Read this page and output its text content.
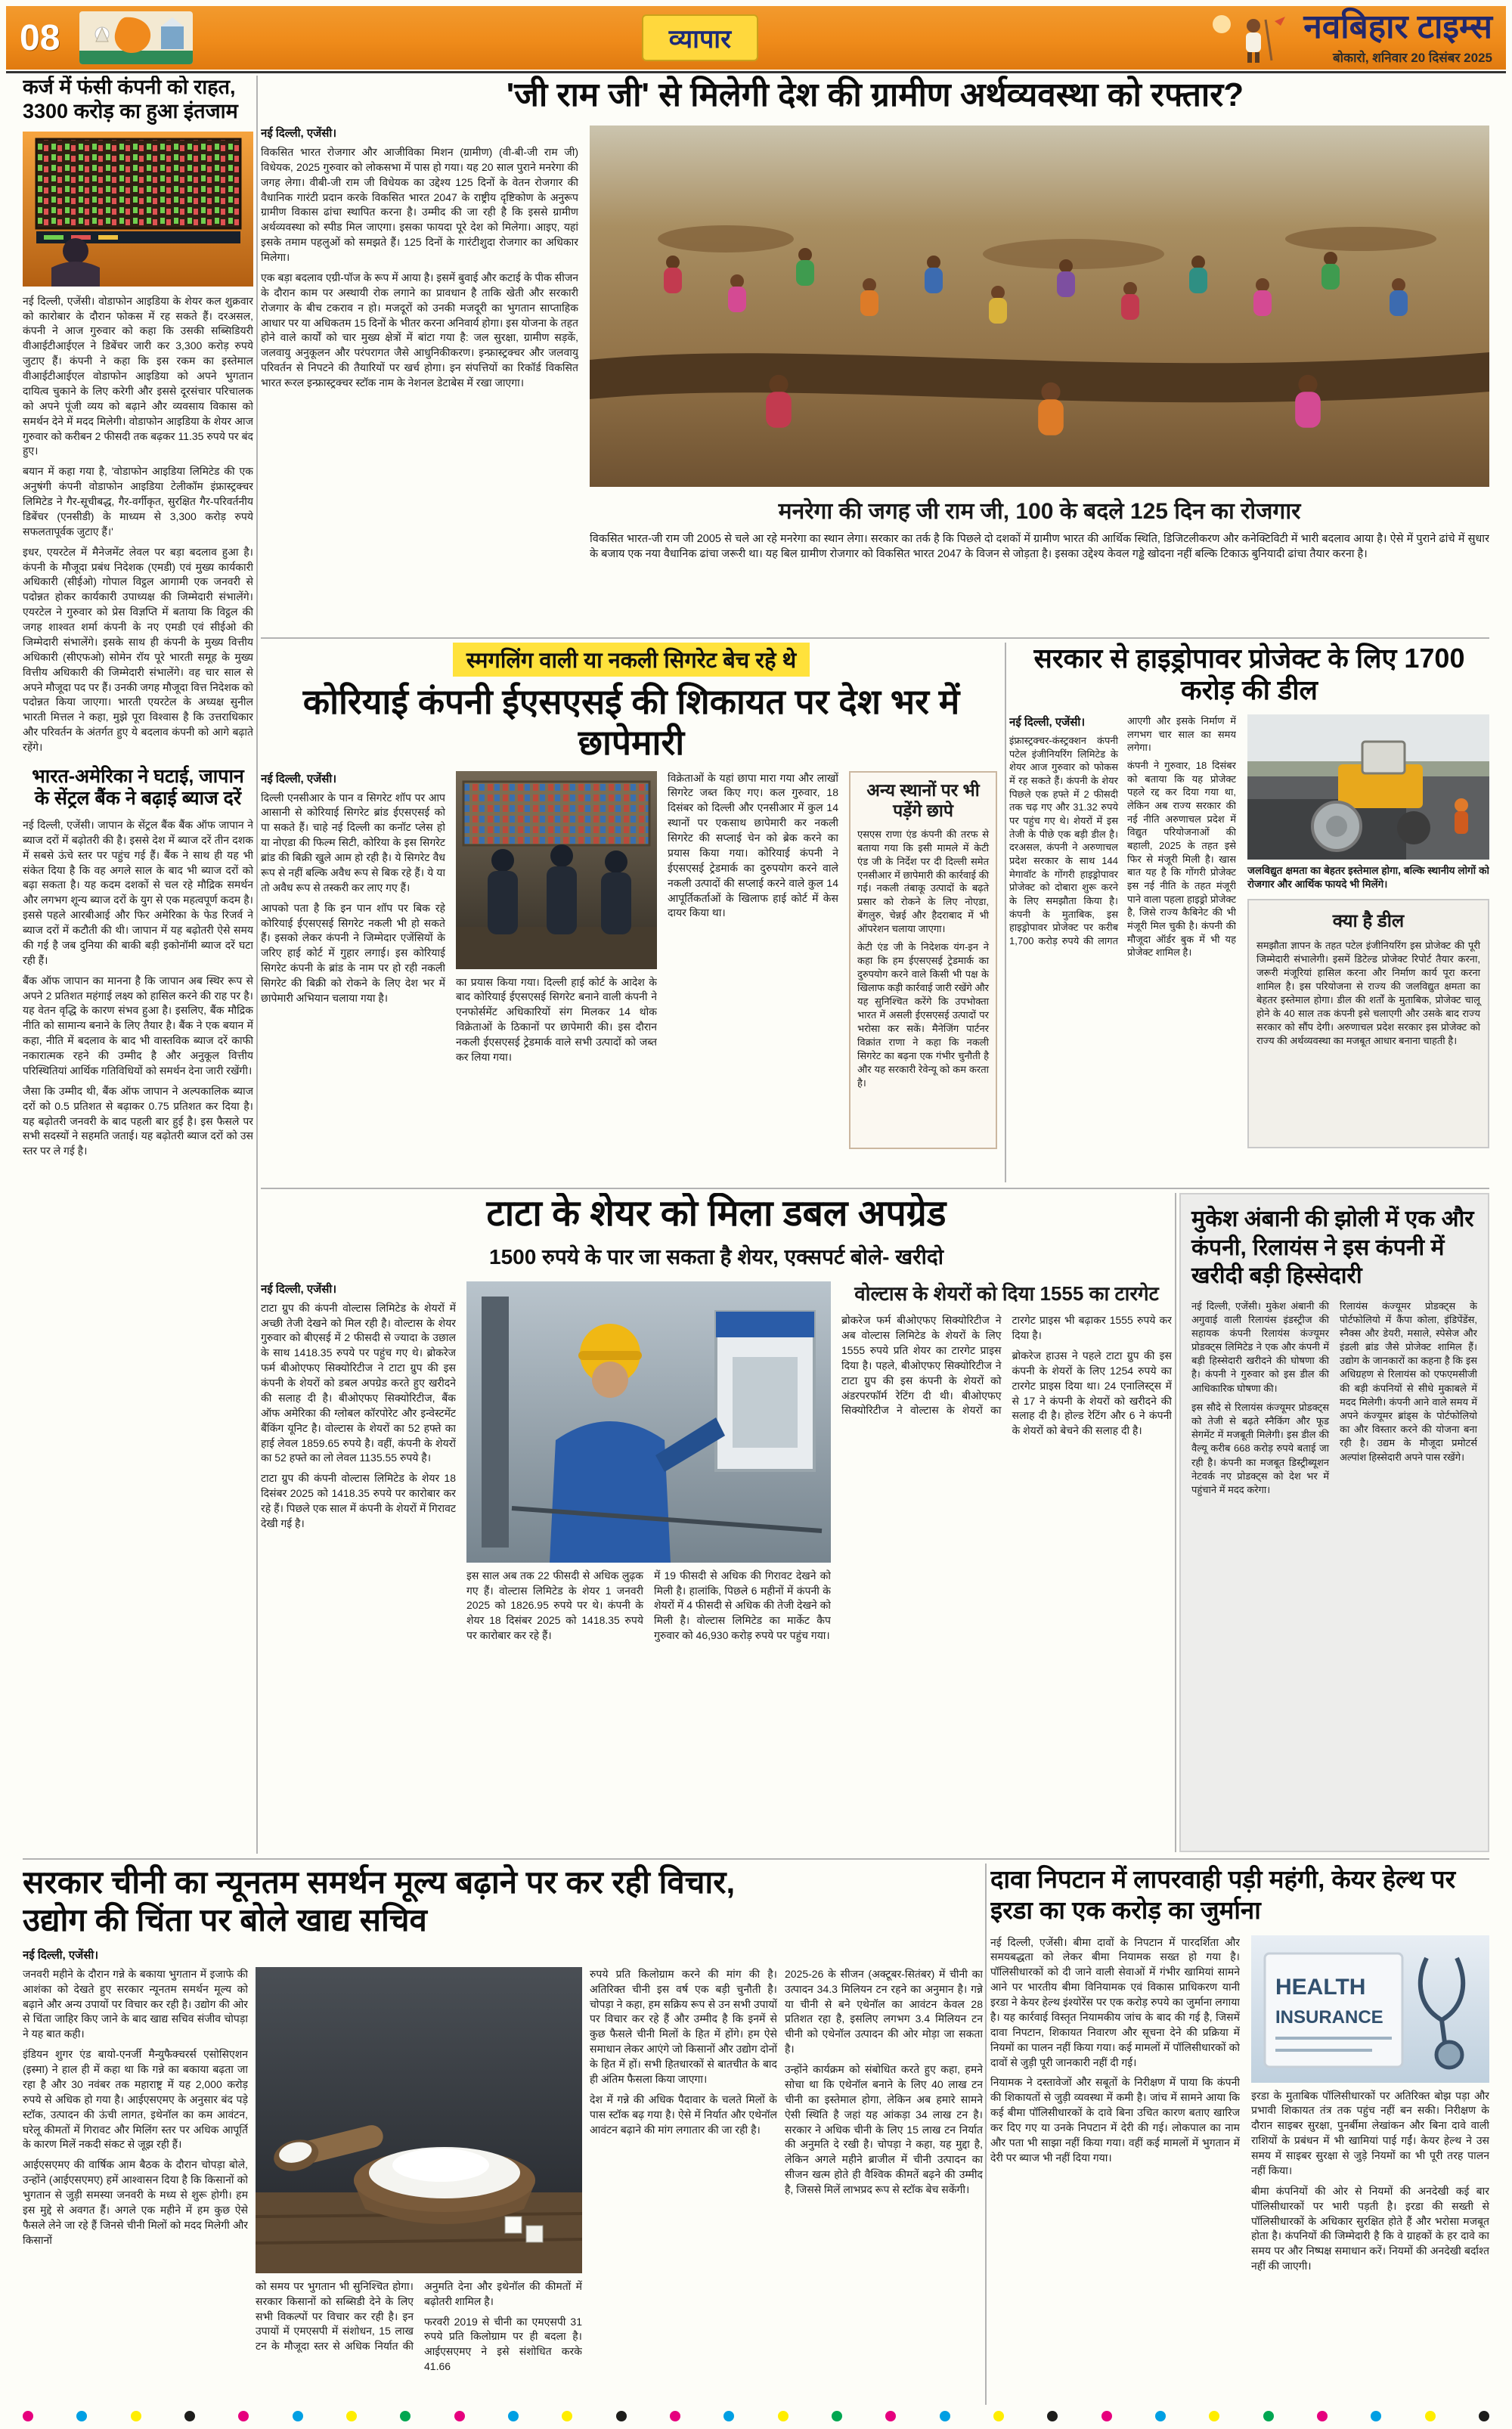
08	व्यापार	नवबिहार टाइम्स
बोकारो, शनिवार 20 दिसंबर 2025
कर्ज में फंसी कंपनी को राहत, 3300 करोड़ का हुआ इंतजाम

नई दिल्ली, एजेंसी। वोडाफोन आइडिया के शेयर कल शुक्रवार को कारोबार के दौरान फोकस में रह सकते हैं। दरअसल, कंपनी ने आज गुरुवार को कहा कि उसकी सब्सिडियरी वीआईटीआईएल ने डिबेंचर जारी कर 3,300 करोड़ रुपये जुटाए हैं। कंपनी ने कहा कि इस रकम का इस्तेमाल वीआईटीआईएल वोडाफोन आइडिया को अपने भुगतान दायित्व चुकाने के लिए करेगी और इससे दूरसंचार परिचालक को अपने पूंजी व्यय को बढ़ाने और व्यवसाय विकास को समर्थन देने में मदद मिलेगी। वोडाफोन आइडिया के शेयर आज गुरुवार को करीबन 2 फीसदी तक बढ़कर 11.35 रुपये पर बंद हुए।

बयान में कहा गया है, 'वोडाफोन आइडिया लिमिटेड की एक अनुषंगी कंपनी वोडाफोन आइडिया टेलीकॉम इंफ्रास्ट्रक्चर लिमिटेड ने गैर-सूचीबद्ध, गैर-वर्गीकृत, सुरक्षित गैर-परिवर्तनीय डिबेंचर (एनसीडी) के माध्यम से 3,300 करोड़ रुपये सफलतापूर्वक जुटाए हैं।'

इधर, एयरटेल में मैनेजमेंट लेवल पर बड़ा बदलाव हुआ है। कंपनी के मौजूदा प्रबंध निदेशक (एमडी) एवं मुख्य कार्यकारी अधिकारी (सीईओ) गोपाल विट्ठल आगामी एक जनवरी से पदोन्नत होकर कार्यकारी उपाध्यक्ष की जिम्मेदारी संभालेंगे। एयरटेल ने गुरुवार को प्रेस विज्ञप्ति में बताया कि विट्ठल की जगह शाश्वत शर्मा कंपनी के नए एमडी एवं सीईओ की जिम्मेदारी संभालेंगे। इसके साथ ही कंपनी के मुख्य वित्तीय अधिकारी (सीएफओ) सोमेन रॉय पूरे भारती समूह के मुख्य वित्तीय अधिकारी की जिम्मेदारी संभालेंगे। वह चार साल से अपने मौजूदा पद पर हैं। उनकी जगह मौजूदा वित्त निदेशक को पदोन्नत किया जाएगा। भारती एयरटेल के अध्यक्ष सुनील भारती मित्तल ने कहा, मुझे पूरा विश्वास है कि उत्तराधिकार और परिवर्तन के अंतर्गत हुए ये बदलाव कंपनी को आगे बढ़ाते रहेंगे।

भारत-अमेरिका ने घटाई, जापान के सेंट्रल बैंक ने बढ़ाई ब्याज दरें

नई दिल्ली, एजेंसी। जापान के सेंट्रल बैंक बैंक ऑफ जापान ने ब्याज दरों में बढ़ोतरी की है। इससे देश में ब्याज दरें तीन दशक में सबसे ऊंचे स्तर पर पहुंच गई हैं। बैंक ने साथ ही यह भी संकेत दिया है कि वह अगले साल के बाद भी ब्याज दरों को बढ़ा सकता है। यह कदम दशकों से चल रहे मौद्रिक समर्थन और लगभग शून्य ब्याज दरों के युग से एक महत्वपूर्ण कदम है। इससे पहले आरबीआई और फिर अमेरिका के फेड रिजर्व ने ब्याज दरों में कटौती की थी। जापान में यह बढ़ोतरी ऐसे समय की गई है जब दुनिया की बाकी बड़ी इकोनॉमी ब्याज दरें घटा रही हैं।

बैंक ऑफ जापान का मानना है कि जापान अब स्थिर रूप से अपने 2 प्रतिशत महंगाई लक्ष्य को हासिल करने की राह पर है। यह वेतन वृद्धि के कारण संभव हुआ है। इसलिए, बैंक मौद्रिक नीति को सामान्य बनाने के लिए तैयार है। बैंक ने एक बयान में कहा, नीति में बदलाव के बाद भी वास्तविक ब्याज दरें काफी नकारात्मक रहने की उम्मीद है और अनुकूल वित्तीय परिस्थितियां आर्थिक गतिविधियों को समर्थन देना जारी रखेंगी।

जैसा कि उम्मीद थी, बैंक ऑफ जापान ने अल्पकालिक ब्याज दरों को 0.5 प्रतिशत से बढ़ाकर 0.75 प्रतिशत कर दिया है। यह बढ़ोतरी जनवरी के बाद पहली बार हुई है। इस फैसले पर सभी सदस्यों ने सहमति जताई। यह बढ़ोतरी ब्याज दरों को उस स्तर पर ले गई है।

'जी राम जी' से मिलेगी देश की ग्रामीण अर्थव्यवस्था को रफ्तार?
नई दिल्ली, एजेंसी।

विकसित भारत रोजगार और आजीविका मिशन (ग्रामीण) (वी-बी-जी राम जी) विधेयक, 2025 गुरुवार को लोकसभा में पास हो गया। यह 20 साल पुराने मनरेगा की जगह लेगा। वीबी-जी राम जी विधेयक का उद्देश्य 125 दिनों के वेतन रोजगार की वैधानिक गारंटी प्रदान करके विकसित भारत 2047 के राष्ट्रीय दृष्टिकोण के अनुरूप ग्रामीण विकास ढांचा स्थापित करना है। उम्मीद की जा रही है कि इससे ग्रामीण अर्थव्यवस्था को स्पीड मिल जाएगा। इसका फायदा पूरे देश को मिलेगा। आइए, यहां इसके तमाम पहलुओं को समझते हैं। 125 दिनों के गारंटीशुदा रोजगार का अधिकार मिलेगा।

एक बड़ा बदलाव एग्री-पॉज के रूप में आया है। इसमें बुवाई और कटाई के पीक सीजन के दौरान काम पर अस्थायी रोक लगाने का प्रावधान है ताकि खेती और सरकारी रोजगार के बीच टकराव न हो। मजदूरों को उनकी मजदूरी का भुगतान साप्ताहिक आधार पर या अधिकतम 15 दिनों के भीतर करना अनिवार्य होगा। इस योजना के तहत होने वाले कार्यों को चार मुख्य क्षेत्रों में बांटा गया है: जल सुरक्षा, ग्रामीण सड़कें, जलवायु अनुकूलन और परंपरागत जैसे आधुनिकीकरण। इन्फ्रास्ट्रक्चर और जलवायु परिवर्तन से निपटने की तैयारियों पर खर्च होगा। इन संपत्तियों का रिकॉर्ड विकसित भारत रूरल इन्फ्रास्ट्रक्चर स्टॉक नाम के नेशनल डेटाबेस में रखा जाएगा।

मनरेगा की जगह जी राम जी, 100 के बदले 125 दिन का रोजगार
विकसित भारत-जी राम जी 2005 से चले आ रहे मनरेगा का स्थान लेगा। सरकार का तर्क है कि पिछले दो दशकों में ग्रामीण भारत की आर्थिक स्थिति, डिजिटलीकरण और कनेक्टिविटी में भारी बदलाव आया है। ऐसे में पुराने ढांचे में सुधार के बजाय एक नया वैधानिक ढांचा जरूरी था। यह बिल ग्रामीण रोजगार को विकसित भारत 2047 के विजन से जोड़ता है। इसका उद्देश्य केवल गड्ढे खोदना नहीं बल्कि टिकाऊ बुनियादी ढांचा तैयार करना है।
स्मगलिंग वाली या नकली सिगरेट बेच रहे थे
कोरियाई कंपनी ईएसएसई की शिकायत पर देश भर में छापेमारी
नई दिल्ली, एजेंसी।

दिल्ली एनसीआर के पान व सिगरेट शॉप पर आप आसानी से कोरियाई सिगरेट ब्रांड ईएसएसई को पा सकते हैं। चाहे नई दिल्ली का कनॉट प्लेस हो या नोएडा की फिल्म सिटी, कोरिया के इस सिगरेट ब्रांड की बिक्री खुले आम हो रही है। ये सिगरेट वैध रूप से नहीं बल्कि अवैध रूप से बिक रहे हैं। ये या तो अवैध रूप से तस्करी कर लाए गए हैं।

आपको पता है कि इन पान शॉप पर बिक रहे कोरियाई ईएसएसई सिगरेट नकली भी हो सकते हैं। इसको लेकर कंपनी ने जिम्मेदार एजेंसियों के जरिए हाई कोर्ट में गुहार लगाई। इस कोरियाई सिगरेट कंपनी के ब्रांड के नाम पर हो रही नकली सिगरेट की बिक्री को रोकने के लिए देश भर में छापेमारी अभियान चलाया गया है।

का प्रयास किया गया। दिल्ली हाई कोर्ट के आदेश के बाद कोरियाई ईएसएसई सिगरेट बनाने वाली कंपनी ने एनफोर्समेंट अधिकारियों संग मिलकर 14 थोक विक्रेताओं के ठिकानों पर छापेमारी की। इस दौरान नकली ईएसएसई ट्रेडमार्क वाले सभी उत्पादों को जब्त कर लिया गया।

विक्रेताओं के यहां छापा मारा गया और लाखों सिगरेट जब्त किए गए। कल गुरुवार, 18 दिसंबर को दिल्ली और एनसीआर में कुल 14 स्थानों पर एकसाथ छापेमारी कर नकली सिगरेट की सप्लाई चेन को ब्रेक करने का प्रयास किया गया। कोरियाई कंपनी ने ईएसएसई ट्रेडमार्क का दुरुपयोग करने वाले नकली उत्पादों की सप्लाई करने वाले कुल 14 आपूर्तिकर्ताओं के खिलाफ हाई कोर्ट में केस दायर किया था।

अन्य स्थानों पर भी पड़ेंगे छापे

एसएस राणा एंड कंपनी की तरफ से बताया गया कि इसी मामले में केटी एंड जी के निर्देश पर दी दिल्ली समेत एनसीआर में छापेमारी की कार्रवाई की गई। नकली तंबाकू उत्पादों के बढ़ते प्रसार को रोकने के लिए नोएडा, बेंगलुरु, चेन्नई और हैदराबाद में भी ऑपरेशन चलाया जाएगा।

केटी एंड जी के निदेशक यंग-इन ने कहा कि हम ईएसएसई ट्रेडमार्क का दुरुपयोग करने वाले किसी भी पक्ष के खिलाफ कड़ी कार्रवाई जारी रखेंगे और यह सुनिश्चित करेंगे कि उपभोक्ता भारत में असली ईएसएसई उत्पादों पर भरोसा कर सकें। मैनेजिंग पार्टनर विक्रांत राणा ने कहा कि नकली सिगरेट का बढ़ना एक गंभीर चुनौती है और यह सरकारी रेवेन्यू को कम करता है।

सरकार से हाइड्रोपावर प्रोजेक्ट के लिए 1700 करोड़ की डील
नई दिल्ली, एजेंसी।

इंफ्रास्ट्रक्चर-कंस्ट्रक्शन कंपनी पटेल इंजीनियरिंग लिमिटेड के शेयर आज गुरुवार को फोकस में रह सकते हैं। कंपनी के शेयर पिछले एक हफ्ते में 2 फीसदी तक चढ़ गए और 31.32 रुपये पर पहुंच गए थे। शेयरों में इस तेजी के पीछे एक बड़ी डील है। दरअसल, कंपनी ने अरुणाचल प्रदेश सरकार के साथ 144 मेगावॉट के गोंगरी हाइड्रोपावर प्रोजेक्ट को दोबारा शुरू करने के लिए समझौता किया है। कंपनी के मुताबिक, इस हाइड्रोपावर प्रोजेक्ट पर करीब 1,700 करोड़ रुपये की लागत आएगी और इसके निर्माण में लगभग चार साल का समय लगेगा।

कंपनी ने गुरुवार, 18 दिसंबर को बताया कि यह प्रोजेक्ट पहले रद्द कर दिया गया था, लेकिन अब राज्य सरकार की नई नीति अरुणाचल प्रदेश में विद्युत परियोजनाओं की बहाली, 2025 के तहत इसे फिर से मंजूरी मिली है। खास बात यह है कि गोंगरी प्रोजेक्ट इस नई नीति के तहत मंजूरी पाने वाला पहला हाइड्रो प्रोजेक्ट है, जिसे राज्य कैबिनेट की भी मंजूरी मिल चुकी है। कंपनी की मौजूदा ऑर्डर बुक में भी यह प्रोजेक्ट शामिल है।

जलविद्युत क्षमता का बेहतर इस्तेमाल होगा, बल्कि स्थानीय लोगों को रोजगार और आर्थिक फायदे भी मिलेंगे।
क्या है डील

समझौता ज्ञापन के तहत पटेल इंजीनियरिंग इस प्रोजेक्ट की पूरी जिम्मेदारी संभालेगी। इसमें डिटेल्ड प्रोजेक्ट रिपोर्ट तैयार करना, जरूरी मंजूरियां हासिल करना और निर्माण कार्य पूरा करना शामिल है। इस परियोजना से राज्य की जलविद्युत क्षमता का बेहतर इस्तेमाल होगा। डील की शर्तों के मुताबिक, प्रोजेक्ट चालू होने के 40 साल तक कंपनी इसे चलाएगी और उसके बाद राज्य सरकार को सौंप देगी। अरुणाचल प्रदेश सरकार इस प्रोजेक्ट को राज्य की अर्थव्यवस्था का मजबूत आधार बनाना चाहती है।

टाटा के शेयर को मिला डबल अपग्रेड
1500 रुपये के पार जा सकता है शेयर, एक्सपर्ट बोले- खरीदो
नई दिल्ली, एजेंसी।

टाटा ग्रुप की कंपनी वोल्टास लिमिटेड के शेयरों में अच्छी तेजी देखने को मिल रही है। वोल्टास के शेयर गुरुवार को बीएसई में 2 फीसदी से ज्यादा के उछाल के साथ 1418.35 रुपये पर पहुंच गए थे। ब्रोकरेज फर्म बीओएफए सिक्योरिटीज ने टाटा ग्रुप की इस कंपनी के शेयरों को डबल अपग्रेड करते हुए खरीदने की सलाह दी है। बीओएफए सिक्योरिटीज, बैंक ऑफ अमेरिका की ग्लोबल कॉरपोरेट और इन्वेस्टमेंट बैंकिंग यूनिट है। वोल्टास के शेयरों का 52 हफ्ते का हाई लेवल 1859.65 रुपये है। वहीं, कंपनी के शेयरों का 52 हफ्ते का लो लेवल 1135.55 रुपये है।

टाटा ग्रुप की कंपनी वोल्टास लिमिटेड के शेयर 18 दिसंबर 2025 को 1418.35 रुपये पर कारोबार कर रहे हैं। पिछले एक साल में कंपनी के शेयरों में गिरावट देखी गई है।

इस साल अब तक 22 फीसदी से अधिक लुढ़क गए हैं। वोल्टास लिमिटेड के शेयर 1 जनवरी 2025 को 1826.95 रुपये पर थे। कंपनी के शेयर 18 दिसंबर 2025 को 1418.35 रुपये पर कारोबार कर रहे हैं।

में 19 फीसदी से अधिक की गिरावट देखने को मिली है। हालांकि, पिछले 6 महीनों में कंपनी के शेयरों में 4 फीसदी से अधिक की तेजी देखने को मिली है। वोल्टास लिमिटेड का मार्केट कैप गुरुवार को 46,930 करोड़ रुपये पर पहुंच गया।

वोल्टास के शेयरों को दिया 1555 का टारगेट

ब्रोकरेज फर्म बीओएफए सिक्योरिटीज ने अब वोल्टास लिमिटेड के शेयरों के लिए 1555 रुपये प्रति शेयर का टारगेट प्राइस दिया है। पहले, बीओएफए सिक्योरिटीज ने टाटा ग्रुप की इस कंपनी के शेयरों को अंडरपरफॉर्म रेटिंग दी थी। बीओएफए सिक्योरिटीज ने वोल्टास के शेयरों का टारगेट प्राइस भी बढ़ाकर 1555 रुपये कर दिया है।

ब्रोकरेज हाउस ने पहले टाटा ग्रुप की इस कंपनी के शेयरों के लिए 1254 रुपये का टारगेट प्राइस दिया था। 24 एनालिस्ट्स में से 17 ने कंपनी के शेयरों को खरीदने की सलाह दी है। होल्ड रेटिंग और 6 ने कंपनी के शेयरों को बेचने की सलाह दी है।

मुकेश अंबानी की झोली में एक और कंपनी, रिलायंस ने इस कंपनी में खरीदी बड़ी हिस्सेदारी

नई दिल्ली, एजेंसी। मुकेश अंबानी की अगुवाई वाली रिलायंस इंडस्ट्रीज की सहायक कंपनी रिलायंस कंज्यूमर प्रोडक्ट्स लिमिटेड ने एक और कंपनी में बड़ी हिस्सेदारी खरीदने की घोषणा की है। कंपनी ने गुरुवार को इस डील की आधिकारिक घोषणा की।

इस सौदे से रिलायंस कंज्यूमर प्रोडक्ट्स को तेजी से बढ़ते स्नैकिंग और फूड सेगमेंट में मजबूती मिलेगी। इस डील की वैल्यू करीब 668 करोड़ रुपये बताई जा रही है। कंपनी का मजबूत डिस्ट्रीब्यूशन नेटवर्क नए प्रोडक्ट्स को देश भर में पहुंचाने में मदद करेगा।

रिलायंस कंज्यूमर प्रोडक्ट्स के पोर्टफोलियो में कैंपा कोला, इंडिपेंडेंस, स्नैक्स और डेयरी, मसाले, स्पेसेज और इंडली ब्रांड जैसे प्रोजेक्ट शामिल हैं। उद्योग के जानकारों का कहना है कि इस अधिग्रहण से रिलायंस को एफएमसीजी की बड़ी कंपनियों से सीधे मुकाबले में मदद मिलेगी। कंपनी आने वाले समय में अपने कंज्यूमर ब्रांड्स के पोर्टफोलियो का और विस्तार करने की योजना बना रही है। उद्यम के मौजूदा प्रमोटर्स अल्पांश हिस्सेदारी अपने पास रखेंगे।

सरकार चीनी का न्यूनतम समर्थन मूल्य बढ़ाने पर कर रही विचार, उद्योग की चिंता पर बोले खाद्य सचिव
नई दिल्ली, एजेंसी।

जनवरी महीने के दौरान गन्ने के बकाया भुगतान में इजाफे की आशंका को देखते हुए सरकार न्यूनतम समर्थन मूल्य को बढ़ाने और अन्य उपायों पर विचार कर रही है। उद्योग की ओर से चिंता जाहिर किए जाने के बाद खाद्य सचिव संजीव चोपड़ा ने यह बात कही।

इंडियन शुगर एंड बायो-एनर्जी मैन्युफैक्चरर्स एसोसिएशन (इस्मा) ने हाल ही में कहा था कि गन्ने का बकाया बढ़ता जा रहा है और 30 नवंबर तक महाराष्ट्र में यह 2,000 करोड़ रुपये से अधिक हो गया है। आईएसएमए के अनुसार बंद पड़े स्टॉक, उत्पादन की ऊंची लागत, इथेनॉल का कम आवंटन, घरेलू कीमतों में गिरावट और मिलिंग स्तर पर अधिक आपूर्ति के कारण मिलें नकदी संकट से जूझ रही हैं।

आईएसएमए की वार्षिक आम बैठक के दौरान चोपड़ा बोले, उन्होंने (आईएसएमए) हमें आश्वासन दिया है कि किसानों को भुगतान से जुड़ी समस्या जनवरी के मध्य से शुरू होगी। हम इस मुद्दे से अवगत हैं। अगले एक महीने में हम कुछ ऐसे फैसले लेने जा रहे हैं जिनसे चीनी मिलों को मदद मिलेगी और किसानों

को समय पर भुगतान भी सुनिश्चित होगा। सरकार किसानों को सब्सिडी देने के लिए सभी विकल्पों पर विचार कर रही है। इन उपायों में एमएसपी में संशोधन, 15 लाख टन के मौजूदा स्तर से अधिक निर्यात की अनुमति देना और इथेनॉल की कीमतों में बढ़ोतरी शामिल है।

फरवरी 2019 से चीनी का एमएसपी 31 रुपये प्रति किलोग्राम पर ही बदला है। आईएसएमए ने इसे संशोधित करके 41.66

रुपये प्रति किलोग्राम करने की मांग की है। अतिरिक्त चीनी इस वर्ष एक बड़ी चुनौती है। चोपड़ा ने कहा, हम सक्रिय रूप से उन सभी उपायों पर विचार कर रहे हैं और उम्मीद है कि इनमें से कुछ फैसले चीनी मिलों के हित में होंगे। हम ऐसे समाधान लेकर आएंगे जो किसानों और उद्योग दोनों के हित में हों। सभी हितधारकों से बातचीत के बाद ही अंतिम फैसला किया जाएगा।

देश में गन्ने की अधिक पैदावार के चलते मिलों के पास स्टॉक बढ़ गया है। ऐसे में निर्यात और एथेनॉल आवंटन बढ़ाने की मांग लगातार की जा रही है।

2025-26 के सीजन (अक्टूबर-सितंबर) में चीनी का उत्पादन 34.3 मिलियन टन रहने का अनुमान है। गन्ने या चीनी से बने एथेनॉल का आवंटन केवल 28 प्रतिशत रहा है, इसलिए लगभग 3.4 मिलियन टन चीनी को एथेनॉल उत्पादन की ओर मोड़ा जा सकता है।

उन्होंने कार्यक्रम को संबोधित करते हुए कहा, हमने सोचा था कि एथेनॉल बनाने के लिए 40 लाख टन चीनी का इस्तेमाल होगा, लेकिन अब हमारे सामने ऐसी स्थिति है जहां यह आंकड़ा 34 लाख टन है। सरकार ने अधिक चीनी के लिए 15 लाख टन निर्यात की अनुमति दे रखी है। चोपड़ा ने कहा, यह मुद्दा है, लेकिन अगले महीने ब्राजील में चीनी उत्पादन का सीजन खत्म होते ही वैश्विक कीमतें बढ़ने की उम्मीद है, जिससे मिलें लाभप्रद रूप से स्टॉक बेच सकेंगी।

दावा निपटान में लापरवाही पड़ी महंगी, केयर हेल्थ पर इरडा का एक करोड़ का जुर्माना

नई दिल्ली, एजेंसी। बीमा दावों के निप‍टान में पारदर्शिता और समयबद्धता को लेकर बीमा नियामक सख्त हो गया है। पॉलिसीधारकों को दी जाने वाली सेवाओं में गंभीर खामियां सामने आने पर भारतीय बीमा विनियामक एवं विकास प्राधिकरण यानी इरडा ने केयर हेल्थ इंश्योरेंस पर एक करोड़ रुपये का जुर्माना लगाया है। यह कार्रवाई विस्तृत नियामकीय जांच के बाद की गई है, जिसमें दावा निपटान, शिकायत निवारण और सूचना देने की प्रक्रिया में नियमों का पालन नहीं किया गया। कई मामलों में पॉलिसीधारकों को दावों से जुड़ी पूरी जानकारी नहीं दी गई।

नियामक ने दस्तावेजों और सबूतों के निरीक्षण में पाया कि कंपनी की शिकायतों से जुड़ी व्यवस्था में कमी है। जांच में सामने आया कि कई बीमा पॉलिसीधारकों के दावे बिना उचित कारण बताए खारिज कर दिए गए या उनके निपटान में देरी की गई। लोकपाल का नाम और पता भी साझा नहीं किया गया। वहीं कई मामलों में भुगतान में देरी पर ब्याज भी नहीं दिया गया।

HEALTH
INSURANCE

इरडा के मुताबिक पॉलिसीधारकों पर अतिरिक्त बोझ पड़ा और प्रभावी शिकायत तंत्र तक पहुंच नहीं बन सकी। निरीक्षण के दौरान साइबर सुरक्षा, पुनर्बीमा लेखांकन और बिना दावे वाली राशियों के प्रबंधन में भी खामियां पाई गईं। केयर हेल्थ ने उस समय में साइबर सुरक्षा से जुड़े नियमों का भी पूरी तरह पालन नहीं किया।

बीमा कंपनियों की ओर से नियमों की अनदेखी कई बार पॉलिसीधारकों पर भारी पड़ती है। इरडा की सख्ती से पॉलिसीधारकों के अधिकार सुरक्षित होते हैं और भरोसा मजबूत होता है। कंपनियों की जिम्मेदारी है कि वे ग्राहकों के हर दावे का समय पर और निष्पक्ष समाधान करें। नियमों की अनदेखी बर्दाश्त नहीं की जाएगी।
